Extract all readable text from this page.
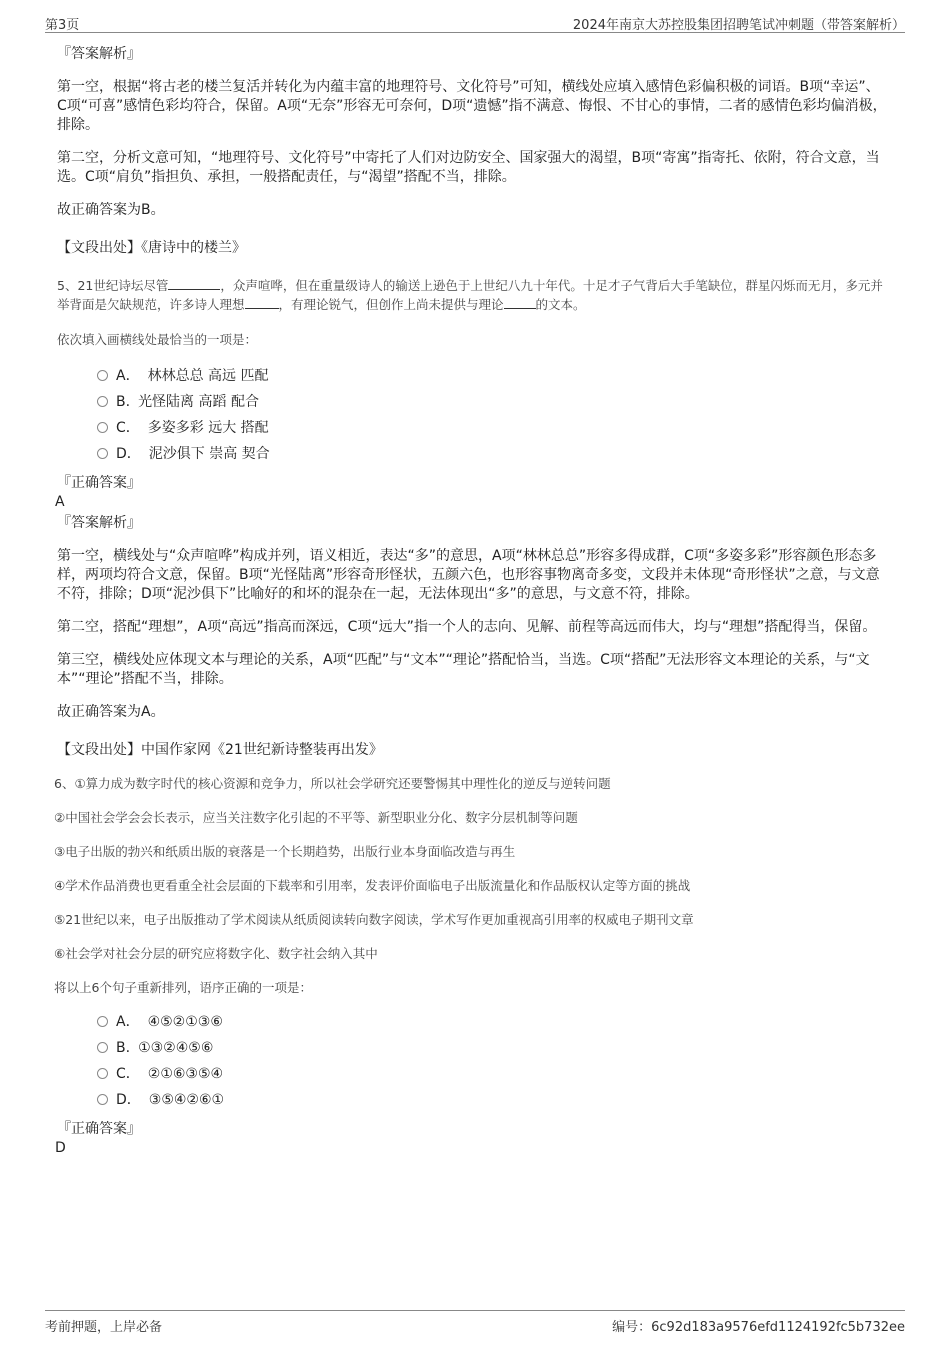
第3页	2024年南京大苏控股集团招聘笔试冲刺题（带答案解析）

『答案解析』

第一空，根据“将古老的楼兰复活并转化为内蕴丰富的地理符号、文化符号”可知，横线处应填入感情色彩偏积极的词语。B项“幸运”、C项“可喜”感情色彩均符合，保留。A项“无奈”形容无可奈何，D项“遗憾”指不满意、悔恨、不甘心的事情，二者的感情色彩均偏消极，排除。

第二空，分析文意可知，“地理符号、文化符号”中寄托了人们对边防安全、国家强大的渴望，B项“寄寓”指寄托、依附，符合文意，当选。C项“肩负”指担负、承担，一般搭配责任，与“渴望”搭配不当，排除。

故正确答案为B。

【文段出处】《唐诗中的楼兰》

5、21世纪诗坛尽管	，众声喧哗，但在重量级诗人的输送上逊色于上世纪八九十年代。十足才子气背后大手笔缺位，群星闪烁而无月，多元并举背面是欠缺规范，许多诗人理想	，有理论锐气，但创作上尚未提供与理论	的文本。

依次填入画横线处最恰当的一项是：

A． 林林总总 高远 匹配

B. 光怪陆离 高蹈 配合

C． 多姿多彩 远大 搭配

D． 泥沙俱下 崇高 契合

『正确答案』

A

『答案解析』

第一空，横线处与“众声喧哗”构成并列，语义相近，表达“多”的意思，A项“林林总总”形容多得成群，C项“多姿多彩”形容颜色形态多样，两项均符合文意，保留。B项“光怪陆离”形容奇形怪状，五颜六色，也形容事物离奇多变，文段并未体现“奇形怪状”之意，与文意不符，排除；D项“泥沙俱下”比喻好的和坏的混杂在一起，无法体现出“多”的意思，与文意不符，排除。

第二空，搭配“理想”，A项“高远”指高而深远，C项“远大”指一个人的志向、见解、前程等高远而伟大，均与“理想”搭配得当，保留。

第三空，横线处应体现文本与理论的关系，A项“匹配”与“文本”“理论”搭配恰当，当选。C项“搭配”无法形容文本理论的关系，与“文本”“理论”搭配不当，排除。

故正确答案为A。

【文段出处】中国作家网《21世纪新诗整装再出发》

6、①算力成为数字时代的核心资源和竞争力，所以社会学研究还要警惕其中理性化的逆反与逆转问题

②中国社会学会会长表示，应当关注数字化引起的不平等、新型职业分化、数字分层机制等问题

③电子出版的勃兴和纸质出版的衰落是一个长期趋势，出版行业本身面临改造与再生

④学术作品消费也更看重全社会层面的下载率和引用率，发表评价面临电子出版流量化和作品版权认定等方面的挑战

⑤21世纪以来，电子出版推动了学术阅读从纸质阅读转向数字阅读，学术写作更加重视高引用率的权威电子期刊文章

⑥社会学对社会分层的研究应将数字化、数字社会纳入其中

将以上6个句子重新排列，语序正确的一项是：

A． ④⑤②①③⑥

B. ①③②④⑤⑥

C． ②①⑥③⑤④

D． ③⑤④②⑥①

『正确答案』

D

考前押题，上岸必备	编号：6c92d183a9576efd1124192fc5b732ee
